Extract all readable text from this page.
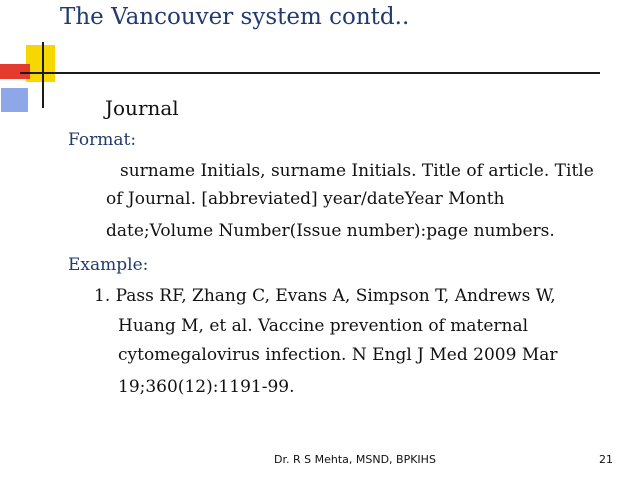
The Vancouver system contd..
Journal
Format:
surname Initials, surname Initials. Title of article. Title
of Journal. [abbreviated] year/dateYear Month
date;Volume Number(Issue number):page numbers.
Example:
1. Pass RF, Zhang C, Evans A, Simpson T, Andrews W,
Huang M, et al. Vaccine prevention of maternal
cytomegalovirus infection. N Engl J Med 2009 Mar
19;360(12):1191-99.
Dr. R S Mehta, MSND, BPKIHS	21
